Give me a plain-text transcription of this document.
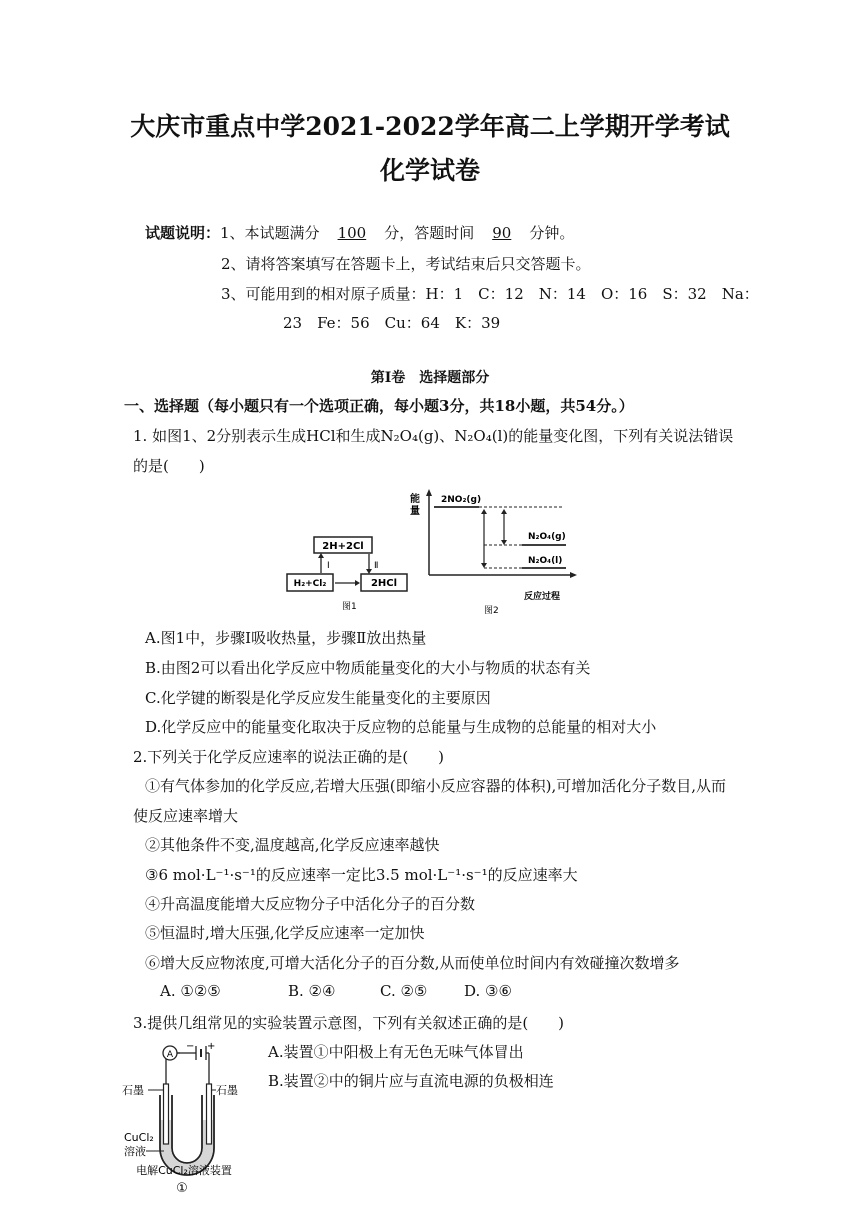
大庆市重点中学2021-2022学年高二上学期开学考试
化学试卷
试题说明：1、本试题满分 100 分，答题时间 90 分钟。
2、请将答案填写在答题卡上，考试结束后只交答题卡。
3、可能用到的相对原子质量：H：1　C：12　N：14　O：16　S：32　Na：
23　Fe：56　Cu：64　K：39
第Ⅰ卷　选择题部分
一、选择题（每小题只有一个选项正确，每小题3分，共18小题，共54分。）
1. 如图1、2分别表示生成HCl和生成N₂O₄(g)、N₂O₄(l)的能量变化图，下列有关说法错误
的是(　　)
2H+2Cl
H₂+Cl₂	2HCl
Ⅰ	Ⅱ
图1
能
量
2NO₂(g)
N₂O₄(g)
N₂O₄(l)
反应过程
图2
A.图1中，步骤Ⅰ吸收热量，步骤Ⅱ放出热量
B.由图2可以看出化学反应中物质能量变化的大小与物质的状态有关
C.化学键的断裂是化学反应发生能量变化的主要原因
D.化学反应中的能量变化取决于反应物的总能量与生成物的总能量的相对大小
2.下列关于化学反应速率的说法正确的是(　　)
①有气体参加的化学反应,若增大压强(即缩小反应容器的体积),可增加活化分子数目,从而
使反应速率增大
②其他条件不变,温度越高,化学反应速率越快
③6 mol·L⁻¹·s⁻¹的反应速率一定比3.5 mol·L⁻¹·s⁻¹的反应速率大
④升高温度能增大反应物分子中活化分子的百分数
⑤恒温时,增大压强,化学反应速率一定加快
⑥增大反应物浓度,可增大活化分子的百分数,从而使单位时间内有效碰撞次数增多
A. ①②⑤	B. ②④	C. ②⑤ D. ③⑥
3.提供几组常见的实验装置示意图，下列有关叙述正确的是(　　)
A.装置①中阳极上有无色无味气体冒出
B.装置②中的铜片应与直流电源的负极相连
A
− +
石墨	石墨
CuCl₂
溶液
电解CuCl₂溶液装置
①
